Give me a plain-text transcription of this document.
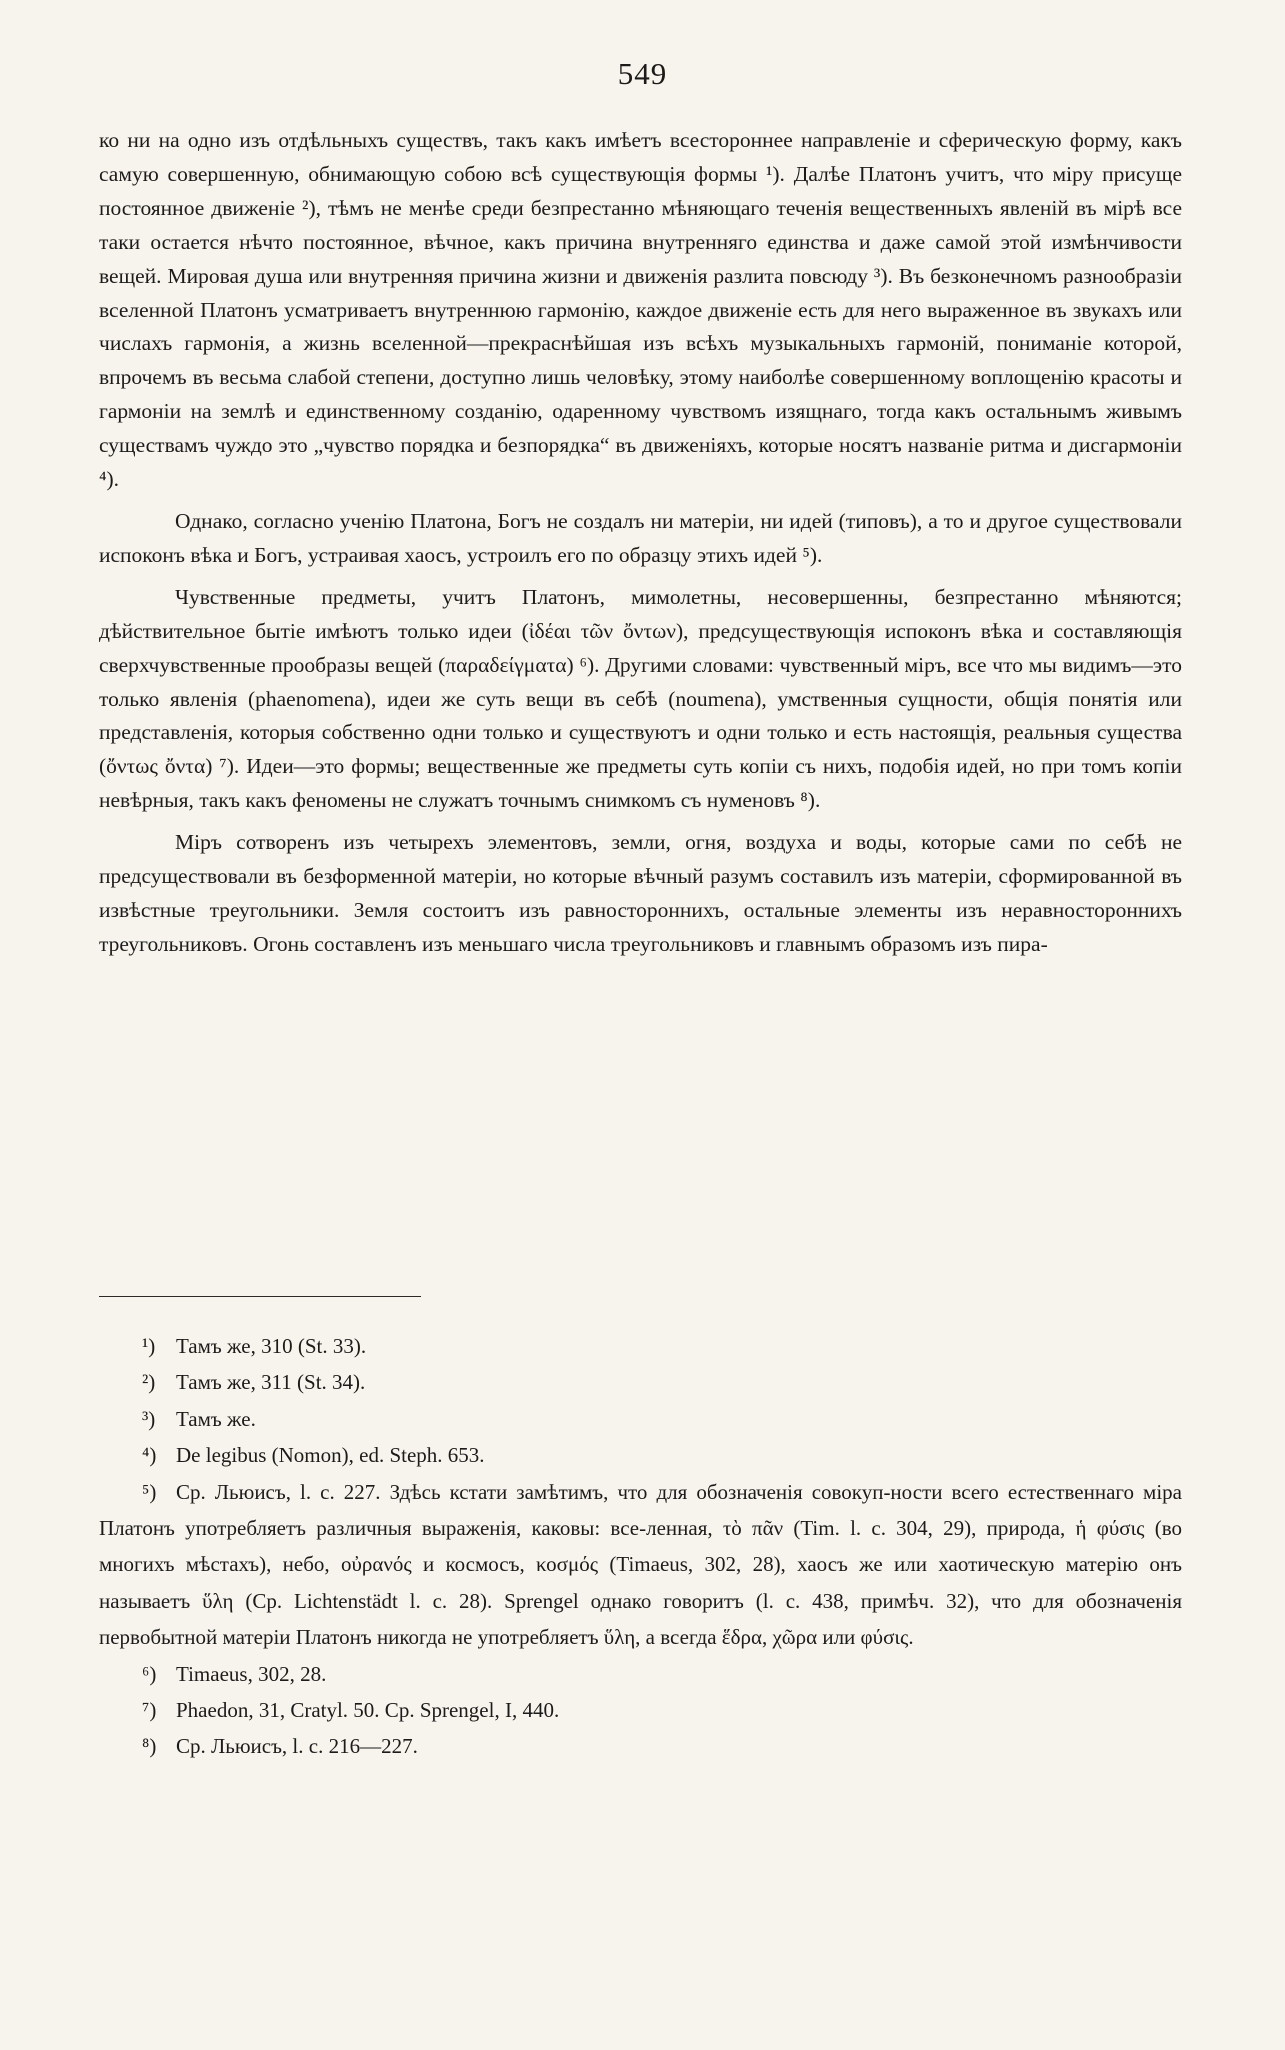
549

ко ни на одно изъ отдѣльныхъ существъ, такъ какъ имѣетъ всестороннее направленіе и сферическую форму, какъ самую совершенную, обнимающую собою всѣ существующія формы ¹). Далѣе Платонъ учитъ, что міру присуще постоянное движеніе ²), тѣмъ не менѣе среди безпрестанно мѣняющаго теченія вещественныхъ явленій въ мірѣ все таки остается нѣчто постоянное, вѣчное, какъ причина внутренняго единства и даже самой этой измѣнчивости вещей. Мировая душа или внутренняя причина жизни и движенія разлита повсюду ³). Въ безконечномъ разнообразіи вселенной Платонъ усматриваетъ внутреннюю гармонію, каждое движеніе есть для него выраженное въ звукахъ или числахъ гармонія, а жизнь вселенной—прекраснѣйшая изъ всѣхъ музыкальныхъ гармоній, пониманіе которой, впрочемъ въ весьма слабой степени, доступно лишь человѣку, этому наиболѣе совершенному воплощенію красоты и гармоніи на землѣ и единственному созданію, одаренному чувствомъ изящнаго, тогда какъ остальнымъ живымъ существамъ чуждо это „чувство порядка и безпорядка“ въ движеніяхъ, которые носятъ названіе ритма и дисгармоніи ⁴).

Однако, согласно ученію Платона, Богъ не создалъ ни матеріи, ни идей (типовъ), а то и другое существовали испоконъ вѣка и Богъ, устраивая хаосъ, устроилъ его по образцу этихъ идей ⁵).

Чувственные предметы, учитъ Платонъ, мимолетны, несовершенны, безпрестанно мѣняются; дѣйствительное бытіе имѣютъ только идеи (ἰδέαι τῶν ὄντων), предсуществующія испоконъ вѣка и составляющія сверхчувственные прообразы вещей (παραδείγματα) ⁶). Другими словами: чувственный міръ, все что мы видимъ—это только явленія (phaenomena), идеи же суть вещи въ себѣ (noumena), умственныя сущности, общія понятія или представленія, которыя собственно одни только и существуютъ и одни только и есть настоящія, реальныя существа (ὄντως ὄντα) ⁷). Идеи—это формы; вещественные же предметы суть копіи съ нихъ, подобія идей, но при томъ копіи невѣрныя, такъ какъ феномены не служатъ точнымъ снимкомъ съ нуменовъ ⁸).

Міръ сотворенъ изъ четырехъ элементовъ, земли, огня, воздуха и воды, которые сами по себѣ не предсуществовали въ безформенной матеріи, но которые вѣчный разумъ составилъ изъ матеріи, сформированной въ извѣстные треугольники. Земля состоитъ изъ равностороннихъ, остальные элементы изъ неравностороннихъ треугольниковъ. Огонь составленъ изъ меньшаго числа треугольниковъ и главнымъ образомъ изъ пира-

¹) Тамъ же, 310 (St. 33).

²) Тамъ же, 311 (St. 34).

³) Тамъ же.

⁴) De legibus (Nomon), ed. Steph. 653.

⁵) Ср. Льюисъ, l. c. 227. Здѣсь кстати замѣтимъ, что для обозначенія совокуп-ности всего естественнаго міра Платонъ употребляетъ различныя выраженія, каковы: все-ленная, τὸ πᾶν (Tim. l. c. 304, 29), природа, ἡ φύσις (во многихъ мѣстахъ), небо, οὐρανός и космосъ, κοσμός (Timaeus, 302, 28), хаосъ же или хаотическую матерію онъ называетъ ὕλη (Ср. Lichtenstädt l. c. 28). Sprengel однако говоритъ (l. c. 438, примѣч. 32), что для обозначенія первобытной матеріи Платонъ никогда не употребляетъ ὕλη, а всегда ἕδρα, χῶρα или φύσις.

⁶) Timaeus, 302, 28.

⁷) Phaedon, 31, Cratyl. 50. Ср. Sprengel, I, 440.

⁸) Ср. Льюисъ, l. c. 216—227.
